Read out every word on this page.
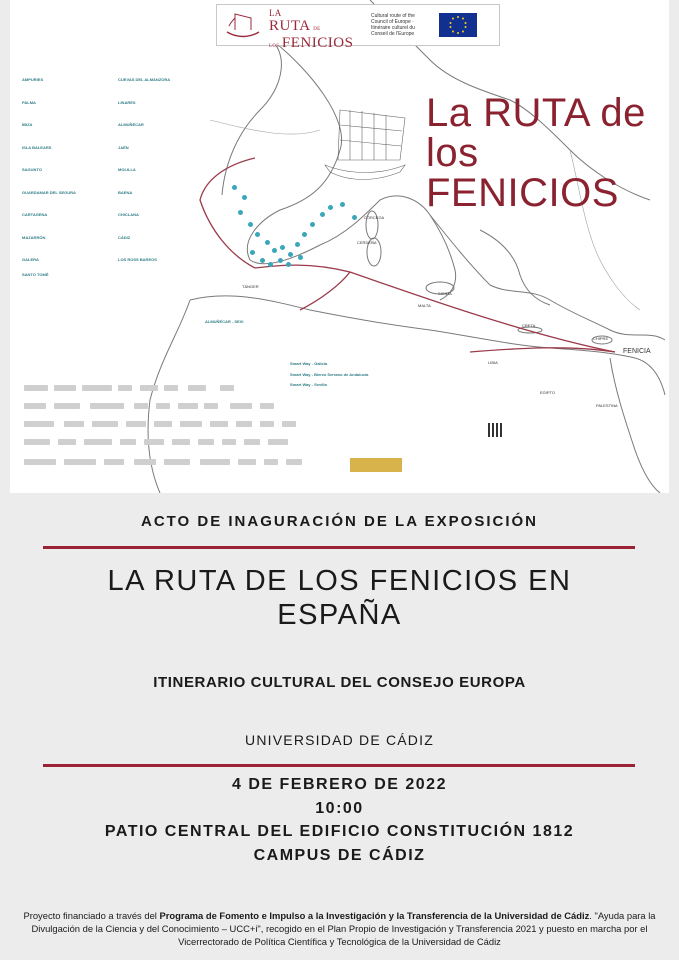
FENICIA
TÁNGER
CERDEÑA
CÓRCEGA
SICILIA
MALTA
LIBIA
CRETA
CHIPRE
EGIPTO
PALESTINA
La RUTA de
los FENICIOS
AMPURIES
PALMA
IBIZA
ISLA BALEARS
SAGUNTO
GUARDAMAR DEL SEGURA
CARTAGENA
MAZARRÓN
GALERA
SANTO TOMÉ
CUEVAS DEL ALMANZORA
LINARES
ALMUÑÉCAR
JAÉN
MOLILLA
BAENA
CHICLANA
CÁDIZ
LOS ROSS BAREOS
ALMUÑÉCAR - SEXI
Smart Way - Galicia
Smart Way - Bierzo Serrano de Andalucía
Smart Way - Sevilla
LA
RUTA DE
LOS FENICIOS
Cultural route of the Council of Europe · Itinéraire culturel du Conseil de l'Europe
ACTO DE INAGURACIÓN DE LA EXPOSICIÓN
LA RUTA DE LOS FENICIOS EN
ESPAÑA
ITINERARIO CULTURAL DEL CONSEJO EUROPA
UNIVERSIDAD DE CÁDIZ
4 DE FEBRERO DE 2022
10:00
PATIO CENTRAL DEL EDIFICIO CONSTITUCIÓN 1812
CAMPUS DE CÁDIZ
Proyecto financiado a través del Programa de Fomento e Impulso a la Investigación y la Transferencia de la Universidad de Cádiz. "Ayuda para la Divulgación de la Ciencia y del Conocimiento – UCC+i", recogido en el Plan Propio de Investigación y Transferencia 2021 y puesto en marcha por el Vicerrectorado de Política Científica y Tecnológica de la Universidad de Cádiz
